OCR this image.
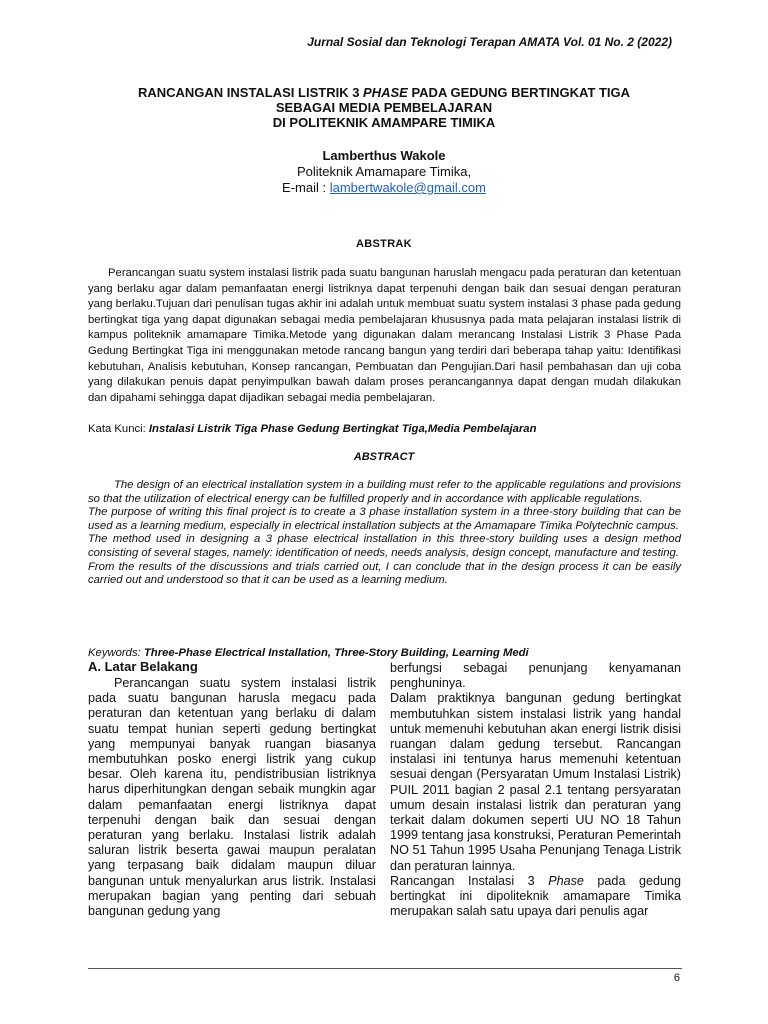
Jurnal Sosial dan Teknologi Terapan AMATA Vol. 01 No. 2 (2022)
RANCANGAN INSTALASI LISTRIK 3 PHASE PADA GEDUNG BERTINGKAT TIGA
SEBAGAI MEDIA PEMBELAJARAN
DI POLITEKNIK AMAMPARE TIMIKA
Lamberthus Wakole
Politeknik Amamapare Timika,
E-mail : lambertwakole@gmail.com
ABSTRAK
Perancangan suatu system instalasi listrik pada suatu bangunan haruslah mengacu pada peraturan dan ketentuan yang berlaku agar dalam pemanfaatan energi listriknya dapat terpenuhi dengan baik dan sesuai dengan peraturan yang berlaku.Tujuan dari penulisan tugas akhir ini adalah untuk membuat suatu system instalasi 3 phase pada gedung bertingkat tiga yang dapat digunakan sebagai media pembelajaran khususnya pada mata pelajaran instalasi listrik di kampus politeknik amamapare Timika.Metode yang digunakan dalam merancang Instalasi Listrik 3 Phase Pada Gedung Bertingkat Tiga ini menggunakan metode rancang bangun yang terdiri dari beberapa tahap yaitu: Identifikasi kebutuhan, Analisis kebutuhan, Konsep rancangan, Pembuatan dan Pengujian.Dari hasil pembahasan dan uji coba yang dilakukan penuis dapat penyimpulkan bawah dalam proses perancangannya dapat dengan mudah dilakukan dan dipahami sehingga dapat dijadikan sebagai media pembelajaran.
Kata Kunci: Instalasi Listrik Tiga Phase Gedung Bertingkat Tiga,Media Pembelajaran
ABSTRACT

The design of an electrical installation system in a building must refer to the applicable regulations and provisions so that the utilization of electrical energy can be fulfilled properly and in accordance with applicable regulations.

The purpose of writing this final project is to create a 3 phase installation system in a three-story building that can be used as a learning medium, especially in electrical installation subjects at the Amamapare Timika Polytechnic campus.

The method used in designing a 3 phase electrical installation in this three-story building uses a design method consisting of several stages, namely: identification of needs, needs analysis, design concept, manufacture and testing.

From the results of the discussions and trials carried out, I can conclude that in the design process it can be easily carried out and understood so that it can be used as a learning medium.

Keywords: Three-Phase Electrical Installation, Three-Story Building, Learning Medi
A. Latar Belakang

Perancangan suatu system instalasi listrik pada suatu bangunan harusla megacu pada peraturan dan ketentuan yang berlaku di dalam suatu tempat hunian seperti gedung bertingkat yang mempunyai banyak ruangan biasanya membutuhkan posko energi listrik yang cukup besar. Oleh karena itu, pendistribusian listriknya harus diperhitungkan dengan sebaik mungkin agar dalam pemanfaatan energi listriknya dapat terpenuhi dengan baik dan sesuai dengan peraturan yang berlaku. Instalasi listrik adalah saluran listrik beserta gawai maupun peralatan yang terpasang baik didalam maupun diluar bangunan untuk menyalurkan arus listrik. Instalasi merupakan bagian yang penting dari sebuah bangunan gedung yang

berfungsi sebagai penunjang kenyamanan penghuninya.

Dalam praktiknya bangunan gedung bertingkat membutuhkan sistem instalasi listrik yang handal untuk memenuhi kebutuhan akan energi listrik disisi ruangan dalam gedung tersebut. Rancangan instalasi ini tentunya harus memenuhi ketentuan sesuai dengan (Persyaratan Umum Instalasi Listrik) PUIL 2011 bagian 2 pasal 2.1 tentang persyaratan umum desain instalasi listrik dan peraturan yang terkait dalam dokumen seperti UU NO 18 Tahun 1999 tentang jasa konstruksi, Peraturan Pemerintah NO 51 Tahun 1995 Usaha Penunjang Tenaga Listrik dan peraturan lainnya.

Rancangan Instalasi 3 Phase pada gedung bertingkat ini dipoliteknik amamapare Timika merupakan salah satu upaya dari penulis agar

6
